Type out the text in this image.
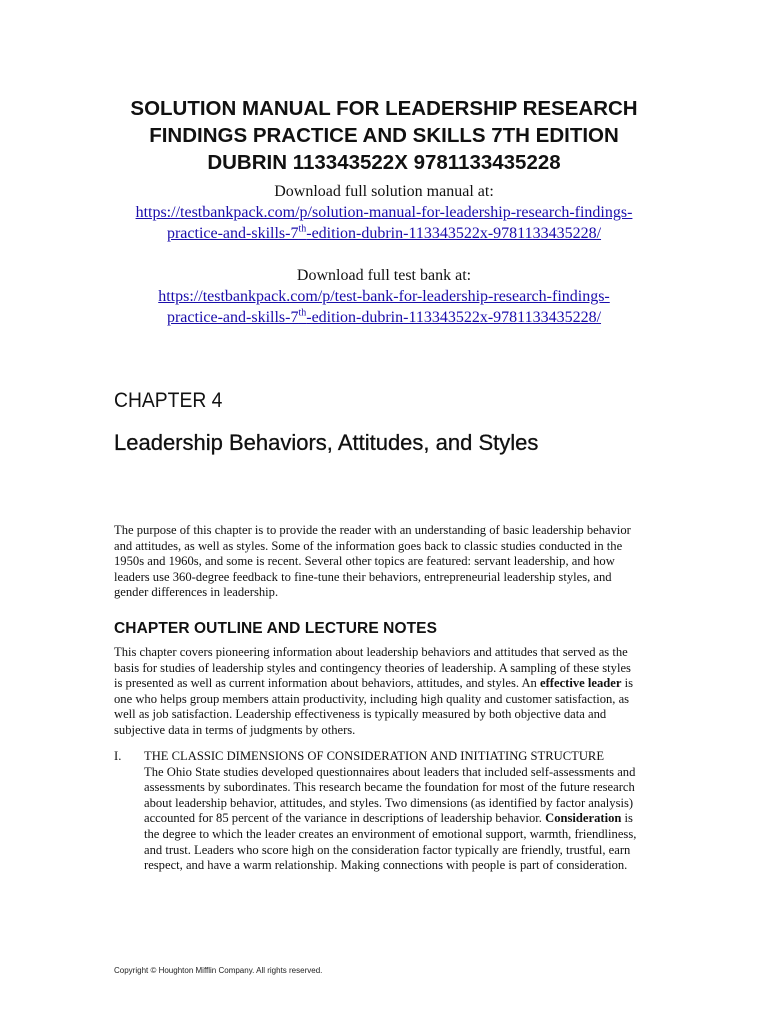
SOLUTION MANUAL FOR LEADERSHIP RESEARCH
FINDINGS PRACTICE AND SKILLS 7TH EDITION
DUBRIN 113343522X 9781133435228
Download full solution manual at:
https://testbankpack.com/p/solution-manual-for-leadership-research-findings-
practice-and-skills-7th-edition-dubrin-113343522x-9781133435228/
Download full test bank at:
https://testbankpack.com/p/test-bank-for-leadership-research-findings-
practice-and-skills-7th-edition-dubrin-113343522x-9781133435228/
CHAPTER 4
Leadership Behaviors, Attitudes, and Styles
The purpose of this chapter is to provide the reader with an understanding of basic leadership behavior
and attitudes, as well as styles. Some of the information goes back to classic studies conducted in the
1950s and 1960s, and some is recent. Several other topics are featured: servant leadership, and how
leaders use 360-degree feedback to fine-tune their behaviors, entrepreneurial leadership styles, and
gender differences in leadership.
CHAPTER OUTLINE AND LECTURE NOTES
This chapter covers pioneering information about leadership behaviors and attitudes that served as the
basis for studies of leadership styles and contingency theories of leadership. A sampling of these styles
is presented as well as current information about behaviors, attitudes, and styles. An effective leader is
one who helps group members attain productivity, including high quality and customer satisfaction, as
well as job satisfaction. Leadership effectiveness is typically measured by both objective data and
subjective data in terms of judgments by others.
I. THE CLASSIC DIMENSIONS OF CONSIDERATION AND INITIATING STRUCTURE
The Ohio State studies developed questionnaires about leaders that included self-assessments and
assessments by subordinates. This research became the foundation for most of the future research
about leadership behavior, attitudes, and styles. Two dimensions (as identified by factor analysis)
accounted for 85 percent of the variance in descriptions of leadership behavior. Consideration is
the degree to which the leader creates an environment of emotional support, warmth, friendliness,
and trust. Leaders who score high on the consideration factor typically are friendly, trustful, earn
respect, and have a warm relationship. Making connections with people is part of consideration.
Copyright © Houghton Mifflin Company. All rights reserved.
